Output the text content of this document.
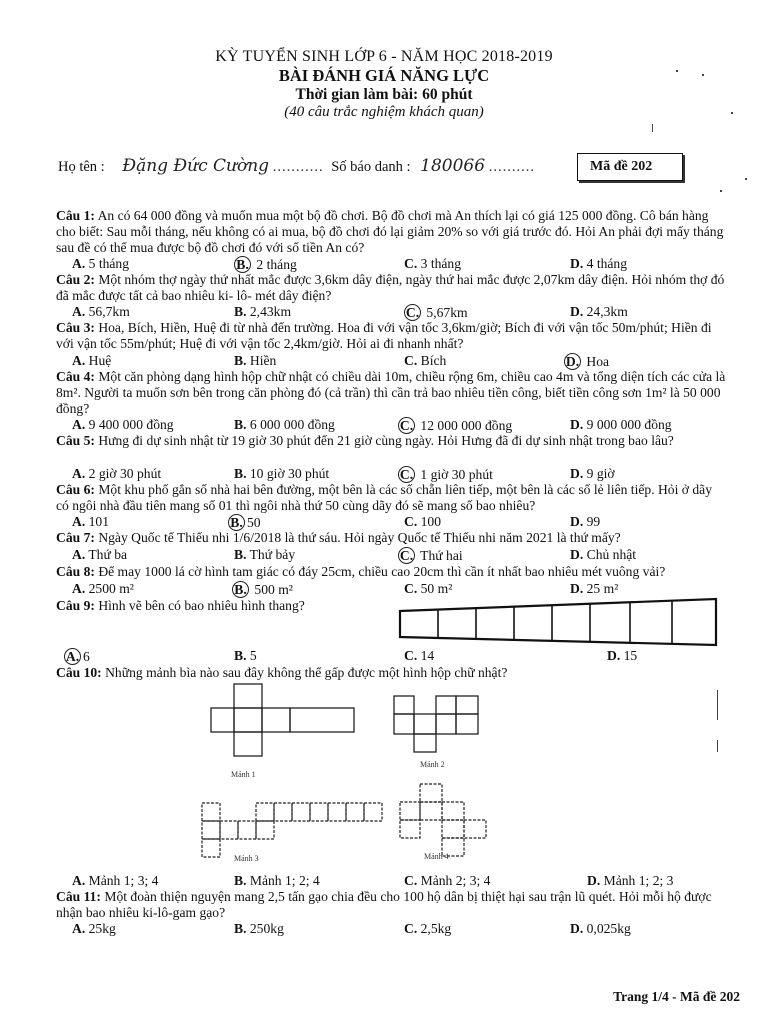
KỲ TUYỂN SINH LỚP 6 - NĂM HỌC 2018-2019
BÀI ĐÁNH GIÁ NĂNG LỰC
Thời gian làm bài: 60 phút
(40 câu trắc nghiệm khách quan)
Họ tên : Đặng Đức Cường ........... Số báo danh : 180066 ..........	Mã đề 202
Câu 1: An có 64 000 đồng và muốn mua một bộ đồ chơi. Bộ đồ chơi mà An thích lại có giá 125 000 đồng. Cô bán hàng cho biết: Sau mỗi tháng, nếu không có ai mua, bộ đồ chơi đó lại giảm 20% so với giá trước đó. Hỏi An phải đợi mấy tháng sau đề có thể mua được bộ đồ chơi đó với số tiền An có?
A. 5 tháng	B. 2 tháng	C. 3 tháng	D. 4 tháng
Câu 2: Một nhóm thợ ngày thứ nhất mắc được 3,6km dây điện, ngày thứ hai mắc được 2,07km dây điện. Hỏi nhóm thợ đó đã mắc được tất cả bao nhiêu ki- lô- mét dây điện?
A. 56,7km	B. 2,43km	C. 5,67km	D. 24,3km
Câu 3: Hoa, Bích, Hiền, Huệ đi từ nhà đến trường. Hoa đi với vận tốc 3,6km/giờ; Bích đi với vận tốc 50m/phút; Hiền đi với vận tốc 55m/phút; Huệ đi với vận tốc 2,4km/giờ. Hỏi ai đi nhanh nhất?
A. Huệ	B. Hiền	C. Bích	D. Hoa
Câu 4: Một căn phòng dạng hình hộp chữ nhật có chiều dài 10m, chiều rộng 6m, chiều cao 4m và tổng diện tích các cửa là 8m². Người ta muốn sơn bên trong căn phòng đó (cả trần) thì cần trả bao nhiêu tiền công, biết tiền công sơn 1m² là 50 000 đồng?
A. 9 400 000 đồng	B. 6 000 000 đồng	C. 12 000 000 đồng	D. 9 000 000 đồng
Câu 5: Hưng đi dự sinh nhật từ 19 giờ 30 phút đến 21 giờ cùng ngày. Hỏi Hưng đã đi dự sinh nhật trong bao lâu?
A. 2 giờ 30 phút	B. 10 giờ 30 phút	C. 1 giờ 30 phút	D. 9 giờ
Câu 6: Một khu phố gắn số nhà hai bên đường, một bên là các số chẵn liên tiếp, một bên là các số lẻ liên tiếp. Hỏi ở dãy có ngôi nhà đầu tiên mang số 01 thì ngôi nhà thứ 50 cùng dãy đó sẽ mang số bao nhiêu?
A. 101	B. 50	C. 100	D. 99
Câu 7: Ngày Quốc tế Thiếu nhi 1/6/2018 là thứ sáu. Hỏi ngày Quốc tế Thiếu nhi năm 2021 là thứ mấy?
A. Thứ ba	B. Thứ bảy	C. Thứ hai	D. Chủ nhật
Câu 8: Để may 1000 lá cờ hình tam giác có đáy 25cm, chiều cao 20cm thì cần ít nhất bao nhiêu mét vuông vải?
A. 2500 m²	B. 500 m²	C. 50 m²	D. 25 m²
Câu 9: Hình vẽ bên có bao nhiêu hình thang?
A. 6	B. 5	C. 14	D. 15
Câu 10: Những mảnh bìa nào sau đây không thể gấp được một hình hộp chữ nhật?
Mảnh 1
Mảnh 2
Mảnh 3	Mảnh 4
A. Mảnh 1; 3; 4	B. Mảnh 1; 2; 4	C. Mảnh 2; 3; 4	D. Mảnh 1; 2; 3
Câu 11: Một đoàn thiện nguyện mang 2,5 tấn gạo chia đều cho 100 hộ dân bị thiệt hại sau trận lũ quét. Hỏi mỗi hộ được nhận bao nhiêu ki-lô-gam gạo?
A. 25kg	B. 250kg	C. 2,5kg	D. 0,025kg
Trang 1/4 - Mã đề 202
